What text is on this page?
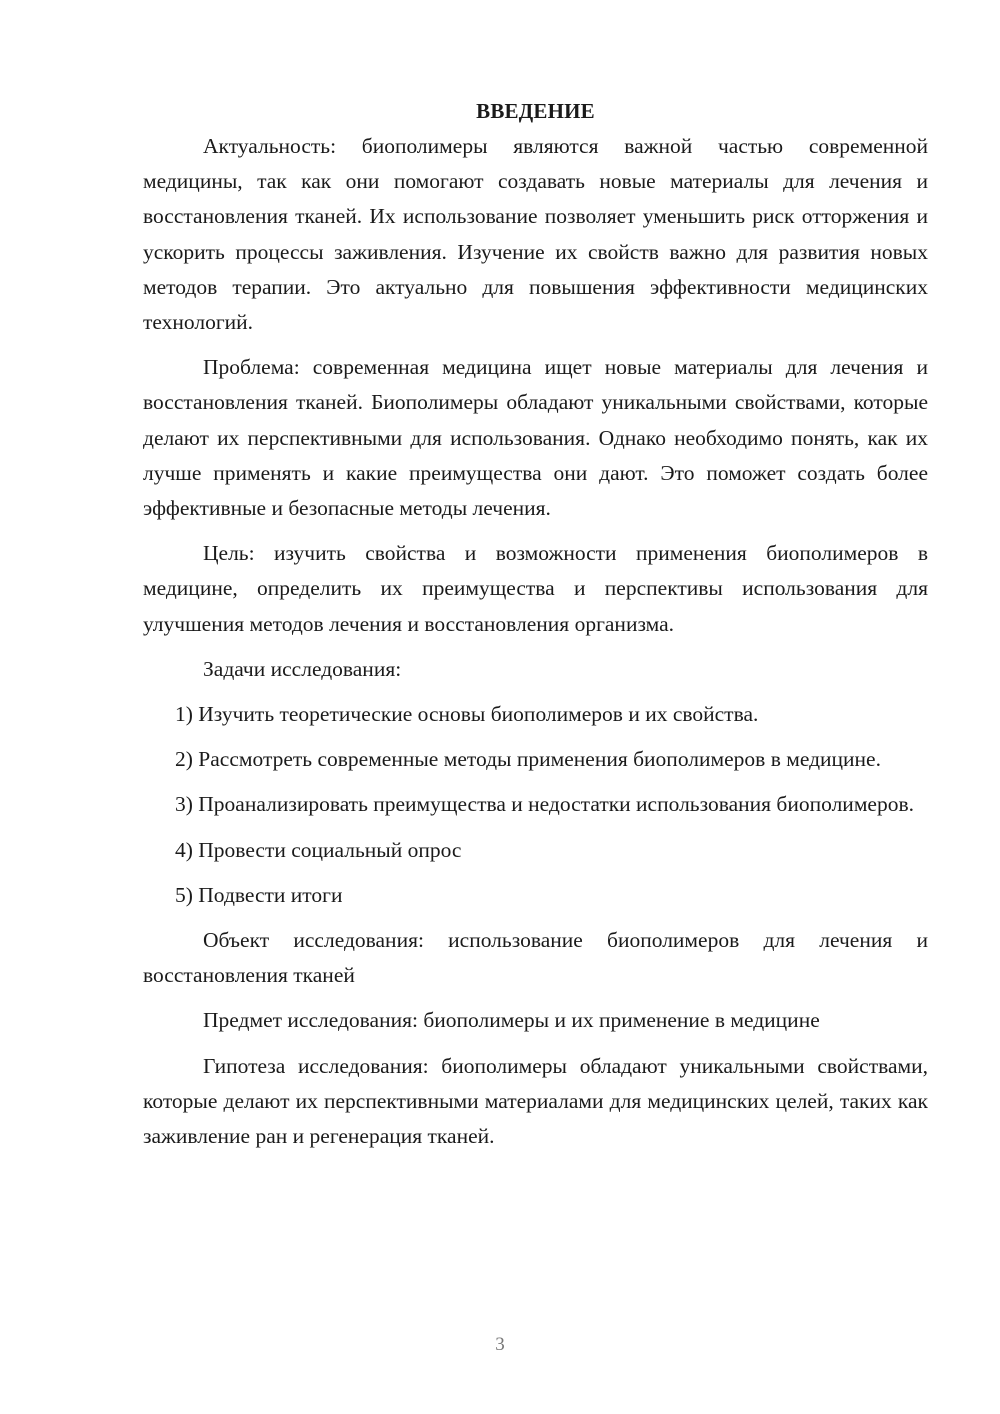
ВВЕДЕНИЕ

Актуальность: биополимеры являются важной частью современной медицины, так как они помогают создавать новые материалы для лечения и восстановления тканей. Их использование позволяет уменьшить риск отторжения и ускорить процессы заживления. Изучение их свойств важно для развития новых методов терапии. Это актуально для повышения эффективности медицинских технологий.

Проблема: современная медицина ищет новые материалы для лечения и восстановления тканей. Биополимеры обладают уникальными свойствами, которые делают их перспективными для использования. Однако необходимо понять, как их лучше применять и какие преимущества они дают. Это поможет создать более эффективные и безопасные методы лечения.

Цель: изучить свойства и возможности применения биополимеров в медицине, определить их преимущества и перспективы использования для улучшения методов лечения и восстановления организма.

Задачи исследования:

1) Изучить теоретические основы биополимеров и их свойства.

2) Рассмотреть современные методы применения биополимеров в медицине.

3) Проанализировать преимущества и недостатки использования биополимеров.

4) Провести социальный опрос

5) Подвести итоги

Объект исследования: использование биополимеров для лечения и восстановления тканей

Предмет исследования: биополимеры и их применение в медицине

Гипотеза исследования: биополимеры обладают уникальными свойствами, которые делают их перспективными материалами для медицинских целей, таких как заживление ран и регенерация тканей.

3
